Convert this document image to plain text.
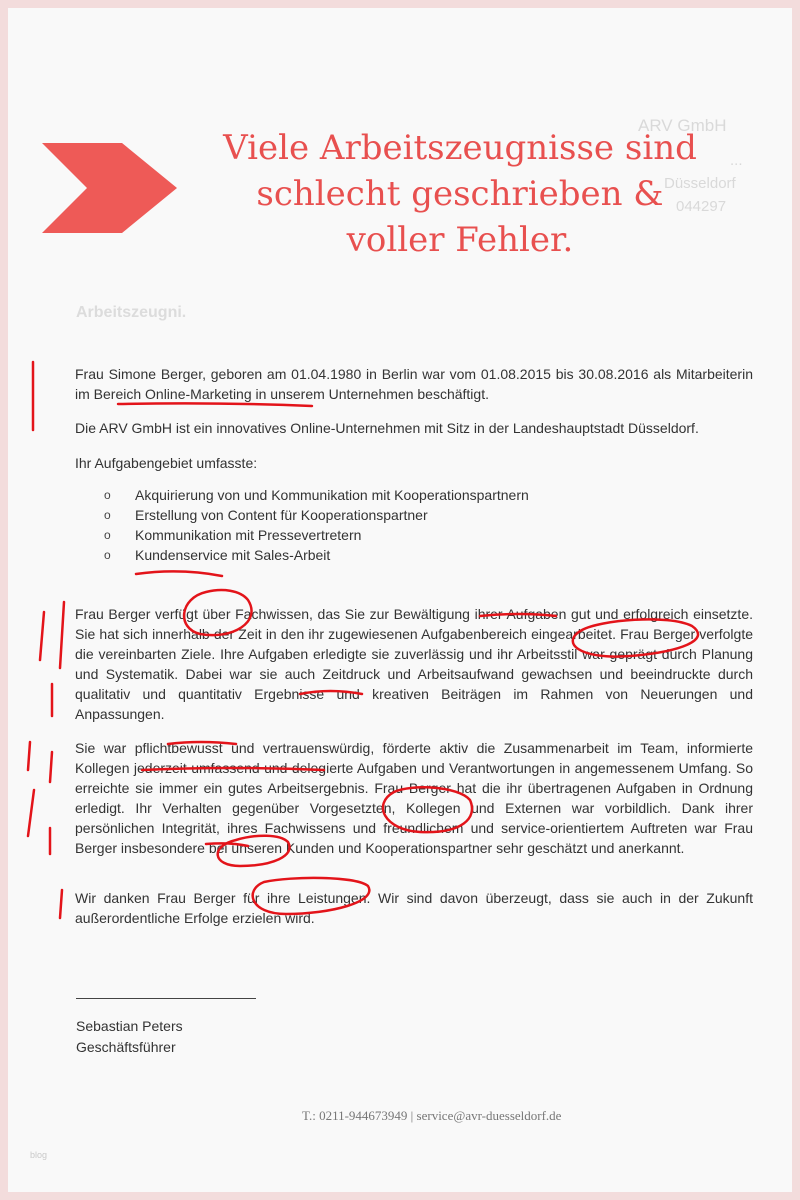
ARV GmbH
...
Düsseldorf
044297
Viele Arbeitszeugnisse sind
schlecht geschrieben &
voller Fehler.
Arbeitszeugni.
Frau Simone Berger, geboren am 01.04.1980 in Berlin war vom 01.08.2015 bis 30.08.2016 als Mitarbeiterin im Bereich Online-Marketing in unserem Unternehmen beschäftigt.
Die ARV GmbH ist ein innovatives Online-Unternehmen mit Sitz in der Landeshauptstadt Düsseldorf.
Ihr Aufgabengebiet umfasste:
o Akquirierung von und Kommunikation mit Kooperationspartnern
o Erstellung von Content für Kooperationspartner
o Kommunikation mit Pressevertretern
o Kundenservice mit Sales-Arbeit
Frau Berger verfügt über Fachwissen, das Sie zur Bewältigung ihrer Aufgaben gut und erfolgreich einsetzte. Sie hat sich innerhalb der Zeit in den ihr zugewiesenen Aufgabenbereich eingearbeitet. Frau Berger verfolgte die vereinbarten Ziele. Ihre Aufgaben erledigte sie zuverlässig und ihr Arbeitsstil war geprägt durch Planung und Systematik. Dabei war sie auch Zeitdruck und Arbeitsaufwand gewachsen und beeindruckte durch qualitativ und quantitativ Ergebnisse und kreativen Beiträgen im Rahmen von Neuerungen und Anpassungen.
Sie war pflichtbewusst und vertrauenswürdig, förderte aktiv die Zusammenarbeit im Team, informierte Kollegen jederzeit umfassend und delegierte Aufgaben und Verantwortungen in angemessenem Umfang. So erreichte sie immer ein gutes Arbeitsergebnis. Frau Berger hat die ihr übertragenen Aufgaben in Ordnung erledigt. Ihr Verhalten gegenüber Vorgesetzten, Kollegen und Externen war vorbildlich. Dank ihrer persönlichen Integrität, ihres Fachwissens und freundlichem und service-orientiertem Auftreten war Frau Berger insbesondere bei unseren Kunden und Kooperationspartner sehr geschätzt und anerkannt.
Wir danken Frau Berger für ihre Leistungen. Wir sind davon überzeugt, dass sie auch in der Zukunft außerordentliche Erfolge erzielen wird.
Sebastian Peters
Geschäftsführer
T.: 0211-944673949 | service@avr-duesseldorf.de
blog
